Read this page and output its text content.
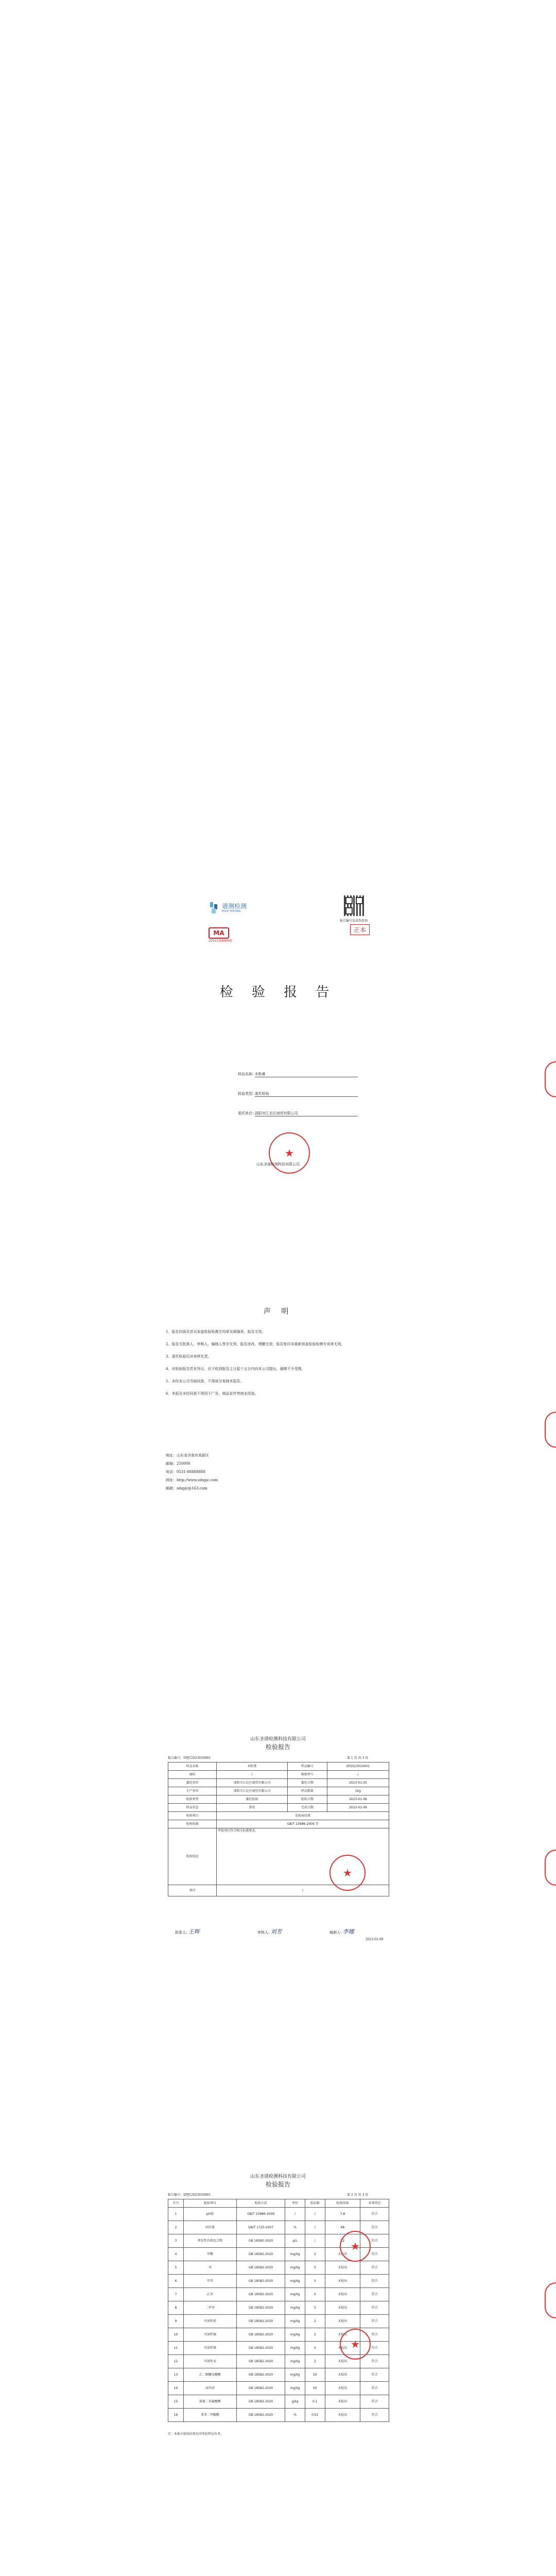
谱测检测
PUCE TESTING
MA
201612000000
报告编号及真伪查询
正本
检 验 报 告
样品名称: 木粉膏
检验类型: 委托检验
委托单位: 邵阳市江北区商贸有限公司
★
山东圣谱检测科技有限公司
声 明
1、报告封面及首页加盖检验检测专用章及骑缝章，报告无效。
2、报告无批准人、审核人、编制人签字无效；报告涂改、增删无效；报告复印未重新加盖检验检测专用章无效。
3、委托检验仅对来样负责。
4、对检验报告若有异议，应于收到报告之日起十五日内向本公司提出，逾期不予受理。
5、未经本公司书面同意，不得部分复制本报告。
6、本报告未经同意不得用于广告、商品宣传等商业用途。
地址：山东省济南市高新区
邮编：250000
电话：0531-88888888
网址：http://www.sdspjc.com
邮箱：sdspjc@163.com
山东圣谱检测科技有限公司
检验报告
报告编号：SPJC2023010001	第 1 页 共 3 页
样品名称	木粉膏	样品编号	SP2023010001
商标	/	规格型号	/
委托单位	邵阳市江北区商贸有限公司	委托日期	2023-01-05
生产单位	邵阳市江北区商贸有限公司	样品数量	1kg
检验类型	委托检验	检验日期	2023-01-06
样品状态	膏状	完成日期	2023-01-09
检验项目	见检验结果		
检验依据	GB/T 23986-2009 等		
检验结论	所检项目符合相关标准要求。		
备注	/		
★
批准人: 王辉	审核人: 刘芳	编制人: 李娜
2023-01-09
山东圣谱检测科技有限公司
检验报告
报告编号：SPJC2023010001	第 2 页 共 3 页
序号	检验项目	检验方法	单位	检出限	检验结果	单项判定
1	pH值	GB/T 23986-2009	/	/	7.8	符合
2	固含量	GB/T 1725-2007	%	/	68	符合
3	挥发性有机化合物	GB 18582-2020	g/L	/	12	符合
4	甲醛	GB 18582-2020	mg/kg	2	未检出	符合
5	苯	GB 18582-2020	mg/kg	5	未检出	符合
6	甲苯	GB 18582-2020	mg/kg	5	未检出	符合
7	乙苯	GB 18582-2020	mg/kg	5	未检出	符合
8	二甲苯	GB 18582-2020	mg/kg	5	未检出	符合
9	可溶性铅	GB 18582-2020	mg/kg	2	未检出	符合
10	可溶性镉	GB 18582-2020	mg/kg	2	未检出	符合
11	可溶性铬	GB 18582-2020	mg/kg	2	未检出	符合
12	可溶性汞	GB 18582-2020	mg/kg	2	未检出	符合
13	乙二醇醚及醚酯	GB 18582-2020	mg/kg	50	未检出	符合
14	卤代烃	GB 18582-2020	mg/kg	50	未检出	符合
15	游离二异氰酸酯	GB 18582-2020	g/kg	0.1	未检出	符合
16	邻苯二甲酸酯	GB 18582-2020	%	0.01	未检出	符合
注：本报告检验结果仅对所检样品负责。
★
★
